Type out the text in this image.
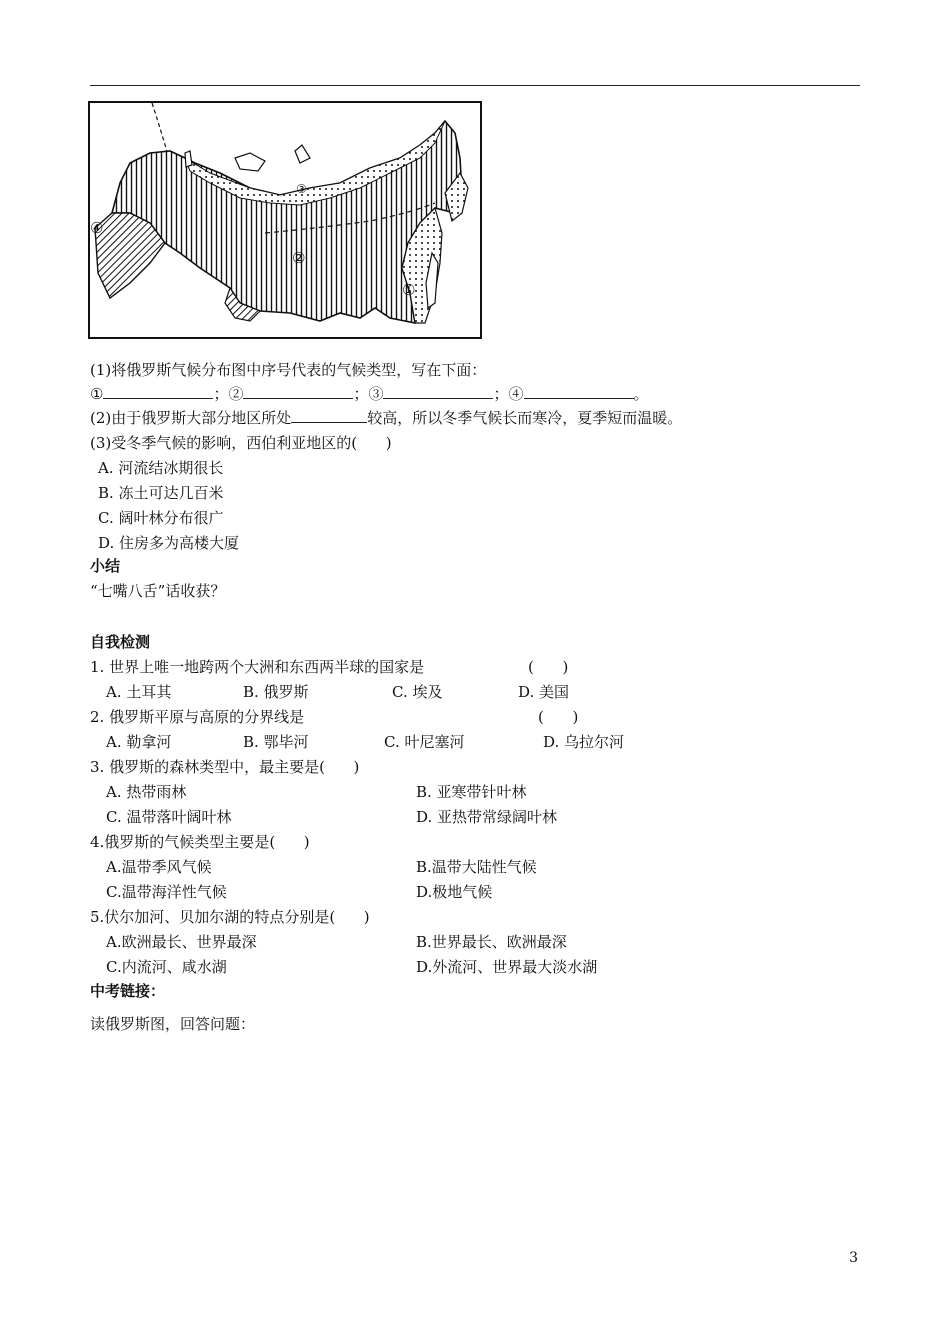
③
②
①
④
(1)将俄罗斯气候分布图中序号代表的气候类型，写在下面：
①	；②	；③	；④	。
(2)由于俄罗斯大部分地区所处	较高，所以冬季气候长而寒冷，夏季短而温暖。
(3)受冬季气候的影响，西伯利亚地区的(      )
A. 河流结冰期很长
B. 冻土可达几百米
C. 阔叶林分布很广
D. 住房多为高楼大厦
小结
“七嘴八舌”话收获？
自我检测
1. 世界上唯一地跨两个大洲和东西两半球的国家是	(      )
A. 土耳其	B. 俄罗斯	C. 埃及	D. 美国
2. 俄罗斯平原与高原的分界线是	(      )
A. 勒拿河	B. 鄂毕河	C. 叶尼塞河	D. 乌拉尔河
3. 俄罗斯的森林类型中，最主要是(      )
A. 热带雨林	B. 亚寒带针叶林
C. 温带落叶阔叶林	D. 亚热带常绿阔叶林
4.俄罗斯的气候类型主要是(      )
A.温带季风气候	B.温带大陆性气候
C.温带海洋性气候	D.极地气候
5.伏尔加河、贝加尔湖的特点分别是(      )
A.欧洲最长、世界最深	B.世界最长、欧洲最深
C.内流河、咸水湖	D.外流河、世界最大淡水湖
中考链接：
读俄罗斯图，回答问题：
3
